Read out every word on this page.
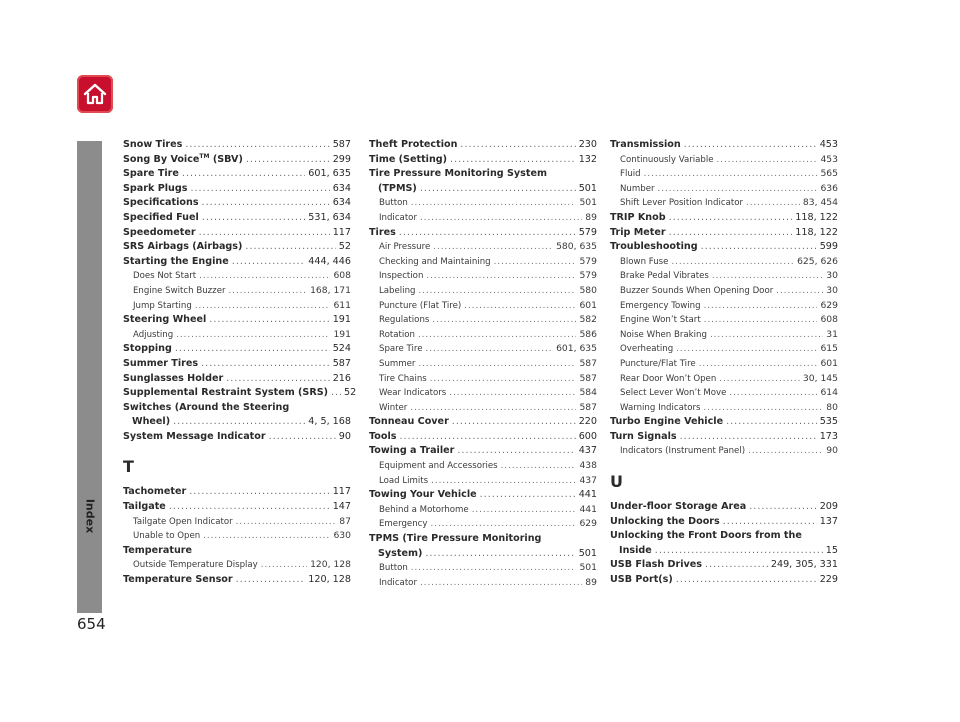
Index
654
Snow Tires .....	587
Song By Voice™ (SBV) .....	299
Spare Tire .....	601, 635
Spark Plugs .....	634
Specifications .....	634
Specified Fuel .....	531, 634
Speedometer .....	117
SRS Airbags (Airbags) .....	52
Starting the Engine .....	444, 446
Does Not Start .....	608
Engine Switch Buzzer .....	168, 171
Jump Starting .....	611
Steering Wheel .....	191
Adjusting .....	191
Stopping .....	524
Summer Tires .....	587
Sunglasses Holder .....	216
Supplemental Restraint System (SRS) ..... 52
Switches (Around the Steering
Wheel) .....	4, 5, 168
System Message Indicator .....	90
T
Tachometer .....	117
Tailgate .....	147
Tailgate Open Indicator .....	87
Unable to Open .....	630
Temperature
Outside Temperature Display .....	120, 128
Temperature Sensor .....	120, 128
Theft Protection .....	230
Time (Setting) .....	132
Tire Pressure Monitoring System
(TPMS) .....	501
Button .....	501
Indicator .....	89
Tires .....	579
Air Pressure .....	580, 635
Checking and Maintaining .....	579
Inspection .....	579
Labeling .....	580
Puncture (Flat Tire) .....	601
Regulations .....	582
Rotation .....	586
Spare Tire .....	601, 635
Summer .....	587
Tire Chains .....	587
Wear Indicators .....	584
Winter .....	587
Tonneau Cover .....	220
Tools .....	600
Towing a Trailer .....	437
Equipment and Accessories .....	438
Load Limits .....	437
Towing Your Vehicle .....	441
Behind a Motorhome .....	441
Emergency .....	629
TPMS (Tire Pressure Monitoring
System) .....	501
Button .....	501
Indicator .....	89
Transmission .....	453
Continuously Variable .....	453
Fluid .....	565
Number .....	636
Shift Lever Position Indicator .....	83, 454
TRIP Knob .....	118, 122
Trip Meter .....	118, 122
Troubleshooting .....	599
Blown Fuse .....	625, 626
Brake Pedal Vibrates .....	30
Buzzer Sounds When Opening Door .....	30
Emergency Towing .....	629
Engine Won’t Start .....	608
Noise When Braking .....	31
Overheating .....	615
Puncture/Flat Tire .....	601
Rear Door Won’t Open .....	30, 145
Select Lever Won’t Move .....	614
Warning Indicators .....	80
Turbo Engine Vehicle .....	535
Turn Signals .....	173
Indicators (Instrument Panel) .....	90
U
Under-floor Storage Area .....	209
Unlocking the Doors .....	137
Unlocking the Front Doors from the
Inside .....	15
USB Flash Drives .....	249, 305, 331
USB Port(s) .....	229
